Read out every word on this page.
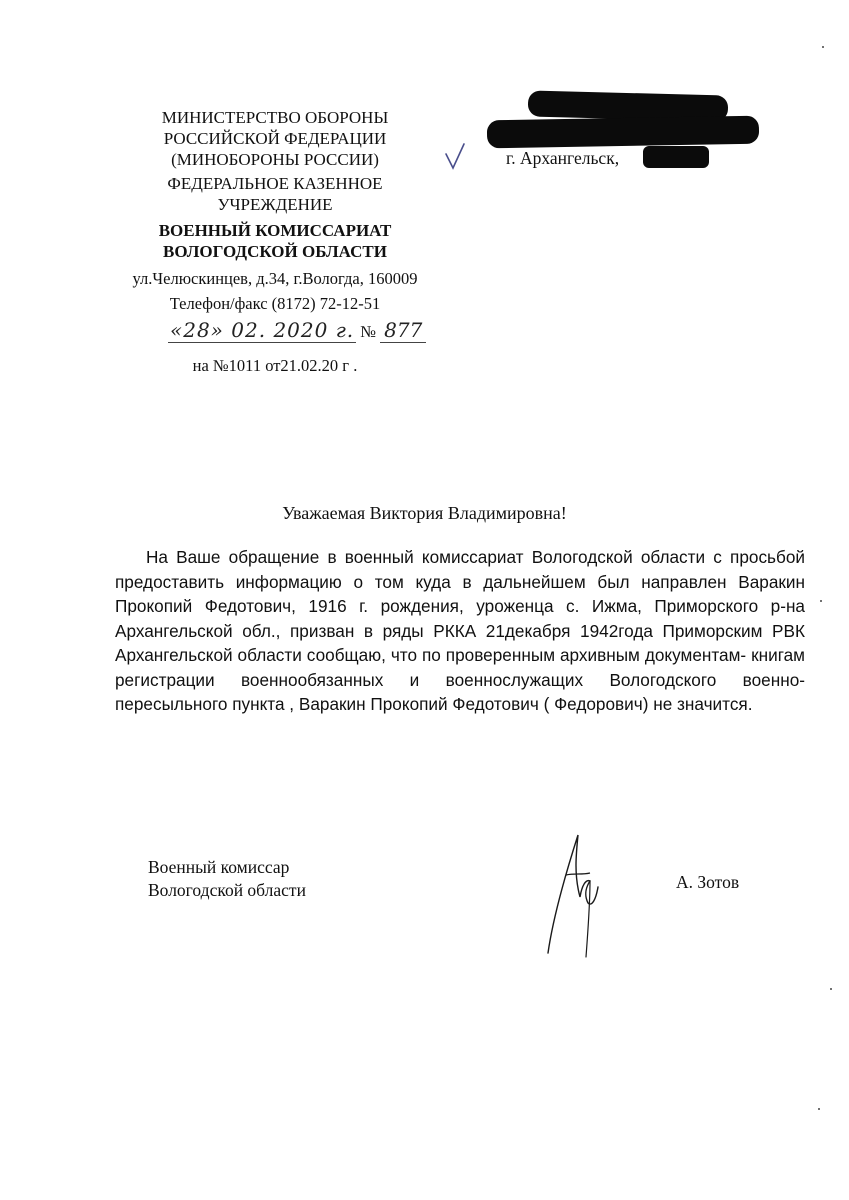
МИНИСТЕРСТВО ОБОРОНЫ
РОССИЙСКОЙ ФЕДЕРАЦИИ
(МИНОБОРОНЫ РОССИИ)
ФЕДЕРАЛЬНОЕ КАЗЕННОЕ
УЧРЕЖДЕНИЕ
ВОЕННЫЙ КОМИССАРИАТ
ВОЛОГОДСКОЙ ОБЛАСТИ
ул.Челюскинцев, д.34, г.Вологда, 160009
Телефон/факс (8172) 72-12-51
«28» 02. 2020 г. № 877
на №1011 от21.02.20 г .
г. Архангельск,
Уважаемая Виктория Владимировна!
На Ваше обращение в военный комиссариат Вологодской области с просьбой предоставить информацию о том куда в дальнейшем был направлен Варакин Прокопий Федотович, 1916 г. рождения, уроженца с. Ижма, Приморского р-на Архангельской обл., призван в ряды РККА 21декабря 1942года Приморским РВК Архангельской области сообщаю, что по проверенным архивным документам- книгам регистрации военнообязанных и военнослужащих Вологодского военно- пересыльного пункта , Варакин Прокопий Федотович ( Федорович) не значится.
Военный комиссар
Вологодской области	А. Зотов
